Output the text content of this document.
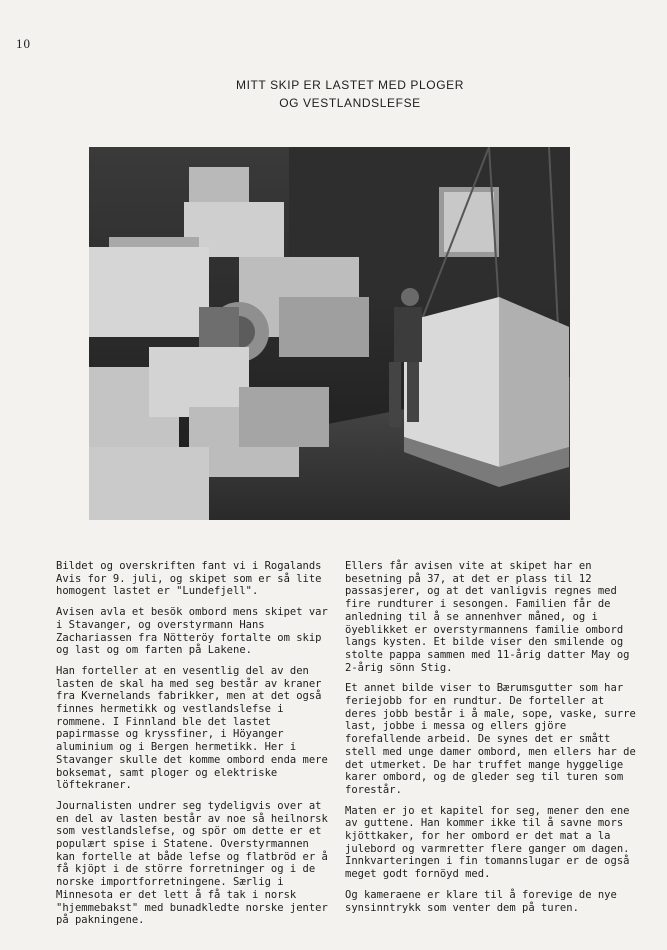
10
MITT SKIP ER LASTET MED PLOGER
OG VESTLANDSLEFSE

Bildet og overskriften fant vi i Rogalands Avis for 9. juli, og skipet som er så lite homogent lastet er "Lundefjell".

Avisen avla et besök ombord mens skipet var i Stavanger, og overstyrmann Hans Zachariassen fra Nötteröy fortalte om skip og last og om farten på Lakene.

Han forteller at en vesentlig del av den lasten de skal ha med seg består av kraner fra Kvernelands fabrikker, men at det også finnes hermetikk og vestlandslefse i rommene. I Finnland ble det lastet papirmasse og kryssfiner, i Höyanger aluminium og i Bergen hermetikk. Her i Stavanger skulle det komme ombord enda mere boksemat, samt ploger og elektriske löftekraner.

Journalisten undrer seg tydeligvis over at en del av lasten består av noe så heilnorsk som vestlandslefse, og spör om dette er et populært spise i Statene. Overstyrmannen kan fortelle at både lefse og flatbröd er å få kjöpt i de större forretninger og i de norske importforretningene. Særlig i Minnesota er det lett å få tak i norsk "hjemmebakst" med bunadkledte norske jenter på pakningene.

Ellers får avisen vite at skipet har en besetning på 37, at det er plass til 12 passasjerer, og at det vanligvis regnes med fire rundturer i sesongen. Familien får de anledning til å se annenhver måned, og i öyeblikket er overstyrmannens familie ombord langs kysten. Et bilde viser den smilende og stolte pappa sammen med 11-årig datter May og 2-årig sönn Stig.

Et annet bilde viser to Bærumsgutter som har feriejobb for en rundtur. De forteller at deres jobb består i å male, sope, vaske, surre last, jobbe i messa og ellers gjöre forefallende arbeid. De synes det er smått stell med unge damer ombord, men ellers har de det utmerket. De har truffet mange hyggelige karer ombord, og de gleder seg til turen som forestår.

Maten er jo et kapitel for seg, mener den ene av guttene. Han kommer ikke til å savne mors kjöttkaker, for her ombord er det mat a la julebord og varmretter flere ganger om dagen. Innkvarteringen i fin tomannslugar er de også meget godt fornöyd med.

Og kameraene er klare til å forevige de nye synsinntrykk som venter dem på turen.
